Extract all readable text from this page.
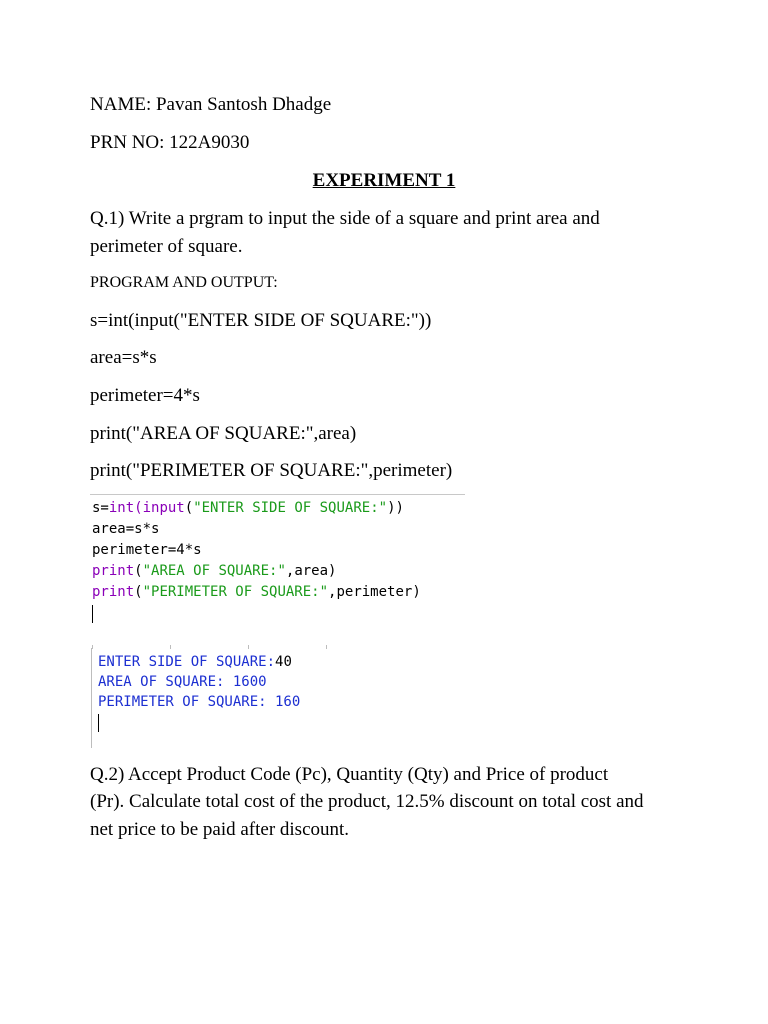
NAME: Pavan Santosh Dhadge
PRN NO: 122A9030
EXPERIMENT 1
Q.1) Write a prgram to input the side of a square and print area and
perimeter of square.
PROGRAM AND OUTPUT:
s=int(input("ENTER SIDE OF SQUARE:"))
area=s*s
perimeter=4*s
print("AREA OF SQUARE:",area)
print("PERIMETER OF SQUARE:",perimeter)
s=int(input("ENTER SIDE OF SQUARE:"))
area=s*s
perimeter=4*s
print("AREA OF SQUARE:",area)
print("PERIMETER OF SQUARE:",perimeter)
ENTER SIDE OF SQUARE:40
AREA OF SQUARE: 1600
PERIMETER OF SQUARE: 160
Q.2) Accept Product Code (Pc), Quantity (Qty) and Price of product
(Pr). Calculate total cost of the product, 12.5% discount on total cost and
net price to be paid after discount.
